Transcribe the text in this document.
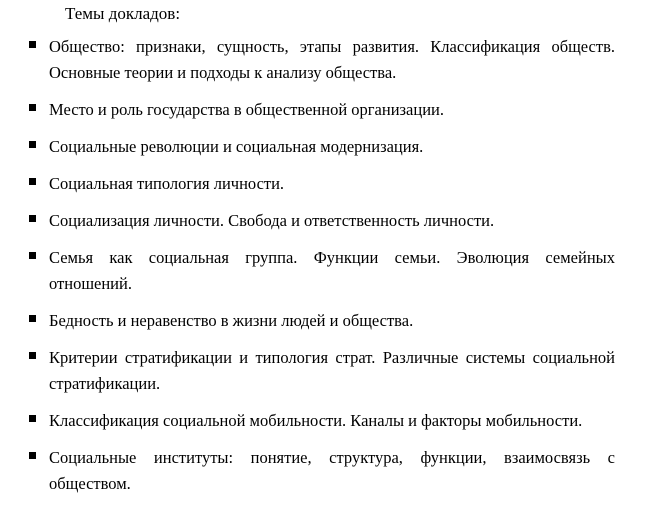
Темы докладов:
Общество: признаки, сущность, этапы развития. Классификация обществ. Основные теории и подходы к анализу общества.
Место и роль государства в общественной организации.
Социальные революции и социальная модернизация.
Социальная типология личности.
Социализация личности. Свобода и ответственность личности.
Семья как социальная группа. Функции семьи. Эволюция семейных отношений.
Бедность и неравенство в жизни людей и общества.
Критерии стратификации и типология страт. Различные системы социальной стратификации.
Классификация социальной мобильности. Каналы и факторы мобильности.
Социальные институты: понятие, структура, функции, взаимосвязь с обществом.
